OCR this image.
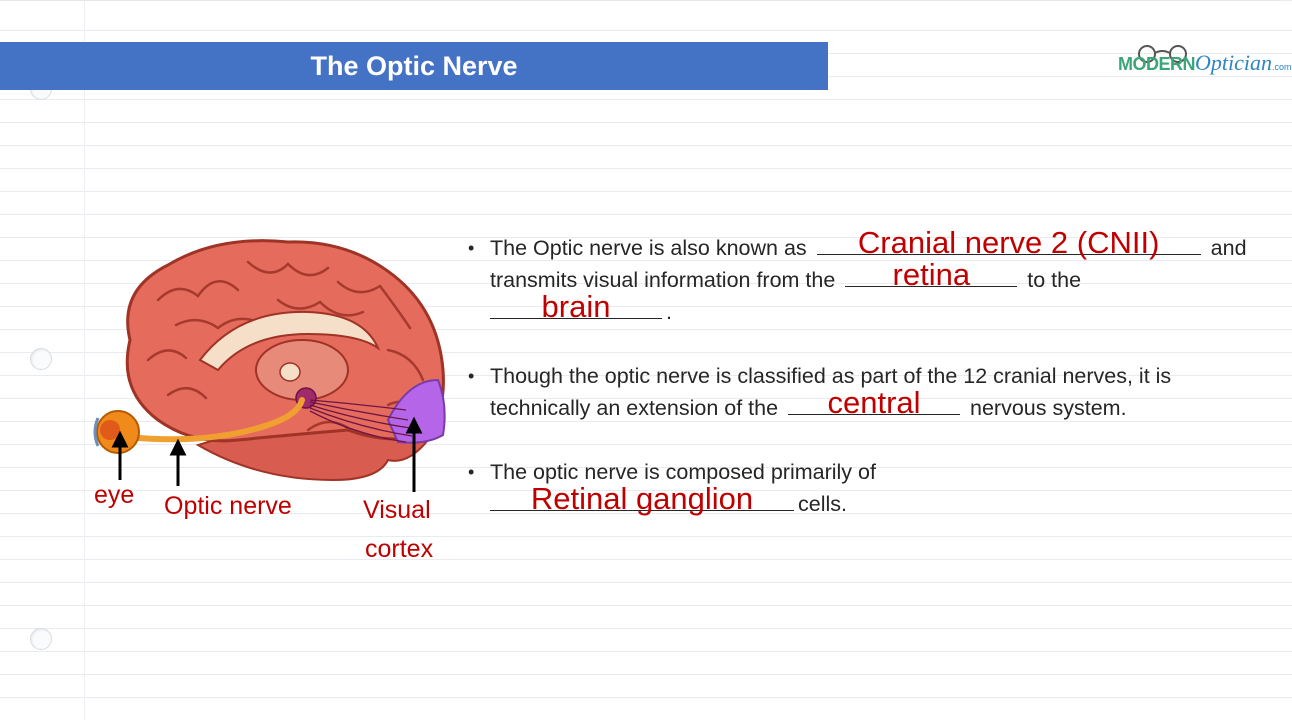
The Optic Nerve	MODERNOptician.com
eye Optic nerve	Visual
cortex
• The Optic nerve is also known as	Cranial nerve 2 (CNII)	and transmits visual information from the	retina	to the
brain	.
• Though the optic nerve is classified as part of the 12 cranial nerves, it is technically an extension of the	central	nervous system.
• The optic nerve is composed primarily of

Retinal ganglion	cells.
